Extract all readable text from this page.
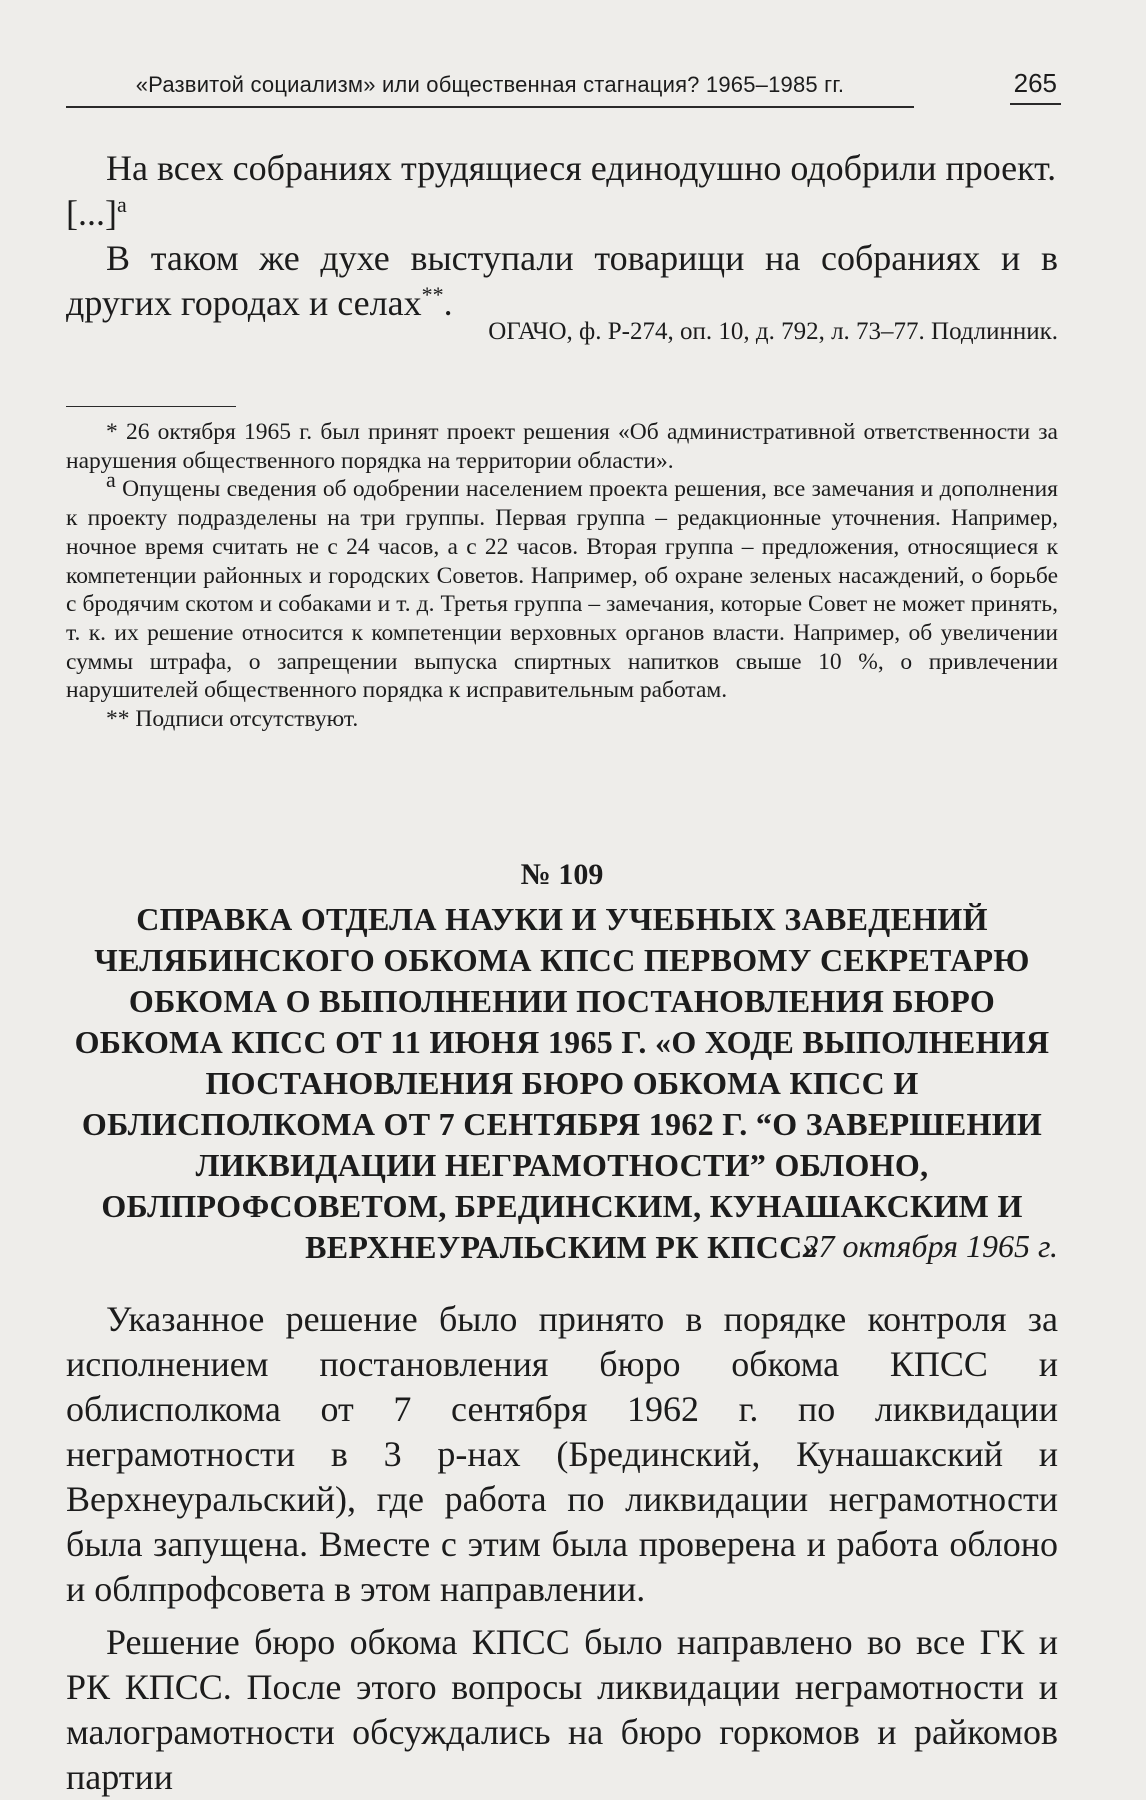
«Развитой социализм» или общественная стагнация? 1965–1985 гг.	265

На всех собраниях трудящиеся единодушно одобрили проект.

[...]$^а$

В таком же духе выступали товарищи на собраниях и в других городах и селах**.

ОГАЧО, ф. Р-274, оп. 10, д. 792, л. 73–77. Подлинник.

* 26 октября 1965 г. был принят проект решения «Об административной ответственности за нарушения общественного порядка на территории области».

а Опущены сведения об одобрении населением проекта решения, все замечания и дополнения к проекту подразделены на три группы. Первая группа – редакционные уточнения. Например, ночное время считать не с 24 часов, а с 22 часов. Вторая группа – предложения, относящиеся к компетенции районных и городских Советов. Например, об охране зеленых насаждений, о борьбе с бродячим скотом и собаками и т. д. Третья группа – замечания, которые Совет не может принять, т. к. их решение относится к компетенции верховных органов власти. Например, об увеличении суммы штрафа, о запрещении выпуска спиртных напитков свыше 10 %, о привлечении нарушителей общественного порядка к исправительным работам.

** Подписи отсутствуют.

№ 109
СПРАВКА ОТДЕЛА НАУКИ И УЧЕБНЫХ ЗАВЕДЕНИЙ ЧЕЛЯБИНСКОГО ОБКОМА КПСС ПЕРВОМУ СЕКРЕТАРЮ ОБКОМА О ВЫПОЛНЕНИИ ПОСТАНОВЛЕНИЯ БЮРО ОБКОМА КПСС ОТ 11 ИЮНЯ 1965 Г. «О ХОДЕ ВЫПОЛНЕНИЯ ПОСТАНОВЛЕНИЯ БЮРО ОБКОМА КПСС И ОБЛИСПОЛКОМА ОТ 7 СЕНТЯБРЯ 1962 Г. “О ЗАВЕРШЕНИИ ЛИКВИДАЦИИ НЕГРАМОТНОСТИ” ОБЛОНО, ОБЛПРОФСОВЕТОМ, БРЕДИНСКИМ, КУНАШАКСКИМ И ВЕРХНЕУРАЛЬСКИМ РК КПСС»
27 октября 1965 г.

Указанное решение было принято в порядке контроля за исполнением постановления бюро обкома КПСС и облисполкома от 7 сентября 1962 г. по ликвидации неграмотности в 3 р-нах (Брединский, Кунашакский и Верхнеуральский), где работа по ликвидации неграмотности была запущена. Вместе с этим была проверена и работа облоно и облпрофсовета в этом направлении.

Решение бюро обкома КПСС было направлено во все ГК и РК КПСС. После этого вопросы ликвидации неграмотности и малограмотности обсуждались на бюро горкомов и райкомов партии
